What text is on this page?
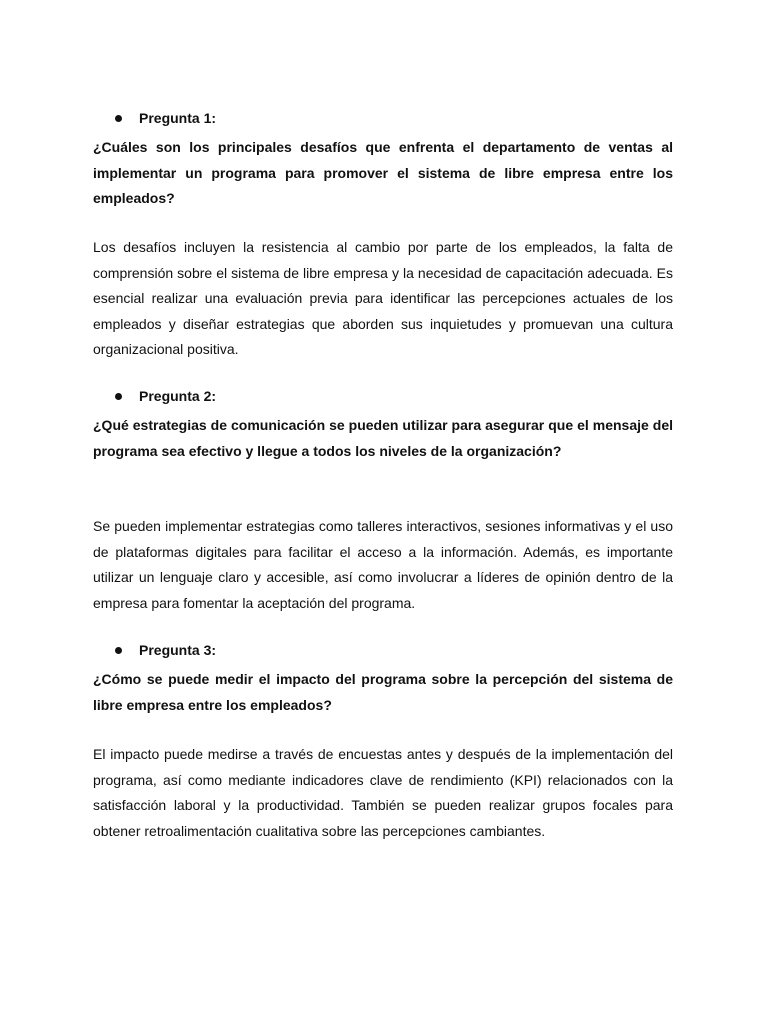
Pregunta 1:

¿Cuáles son los principales desafíos que enfrenta el departamento de ventas al implementar un programa para promover el sistema de libre empresa entre los empleados?

Los desafíos incluyen la resistencia al cambio por parte de los empleados, la falta de comprensión sobre el sistema de libre empresa y la necesidad de capacitación adecuada. Es esencial realizar una evaluación previa para identificar las percepciones actuales de los empleados y diseñar estrategias que aborden sus inquietudes y promuevan una cultura organizacional positiva.

Pregunta 2:

¿Qué estrategias de comunicación se pueden utilizar para asegurar que el mensaje del programa sea efectivo y llegue a todos los niveles de la organización?

Se pueden implementar estrategias como talleres interactivos, sesiones informativas y el uso de plataformas digitales para facilitar el acceso a la información. Además, es importante utilizar un lenguaje claro y accesible, así como involucrar a líderes de opinión dentro de la empresa para fomentar la aceptación del programa.

Pregunta 3:

¿Cómo se puede medir el impacto del programa sobre la percepción del sistema de libre empresa entre los empleados?

El impacto puede medirse a través de encuestas antes y después de la implementación del programa, así como mediante indicadores clave de rendimiento (KPI) relacionados con la satisfacción laboral y la productividad. También se pueden realizar grupos focales para obtener retroalimentación cualitativa sobre las percepciones cambiantes.
